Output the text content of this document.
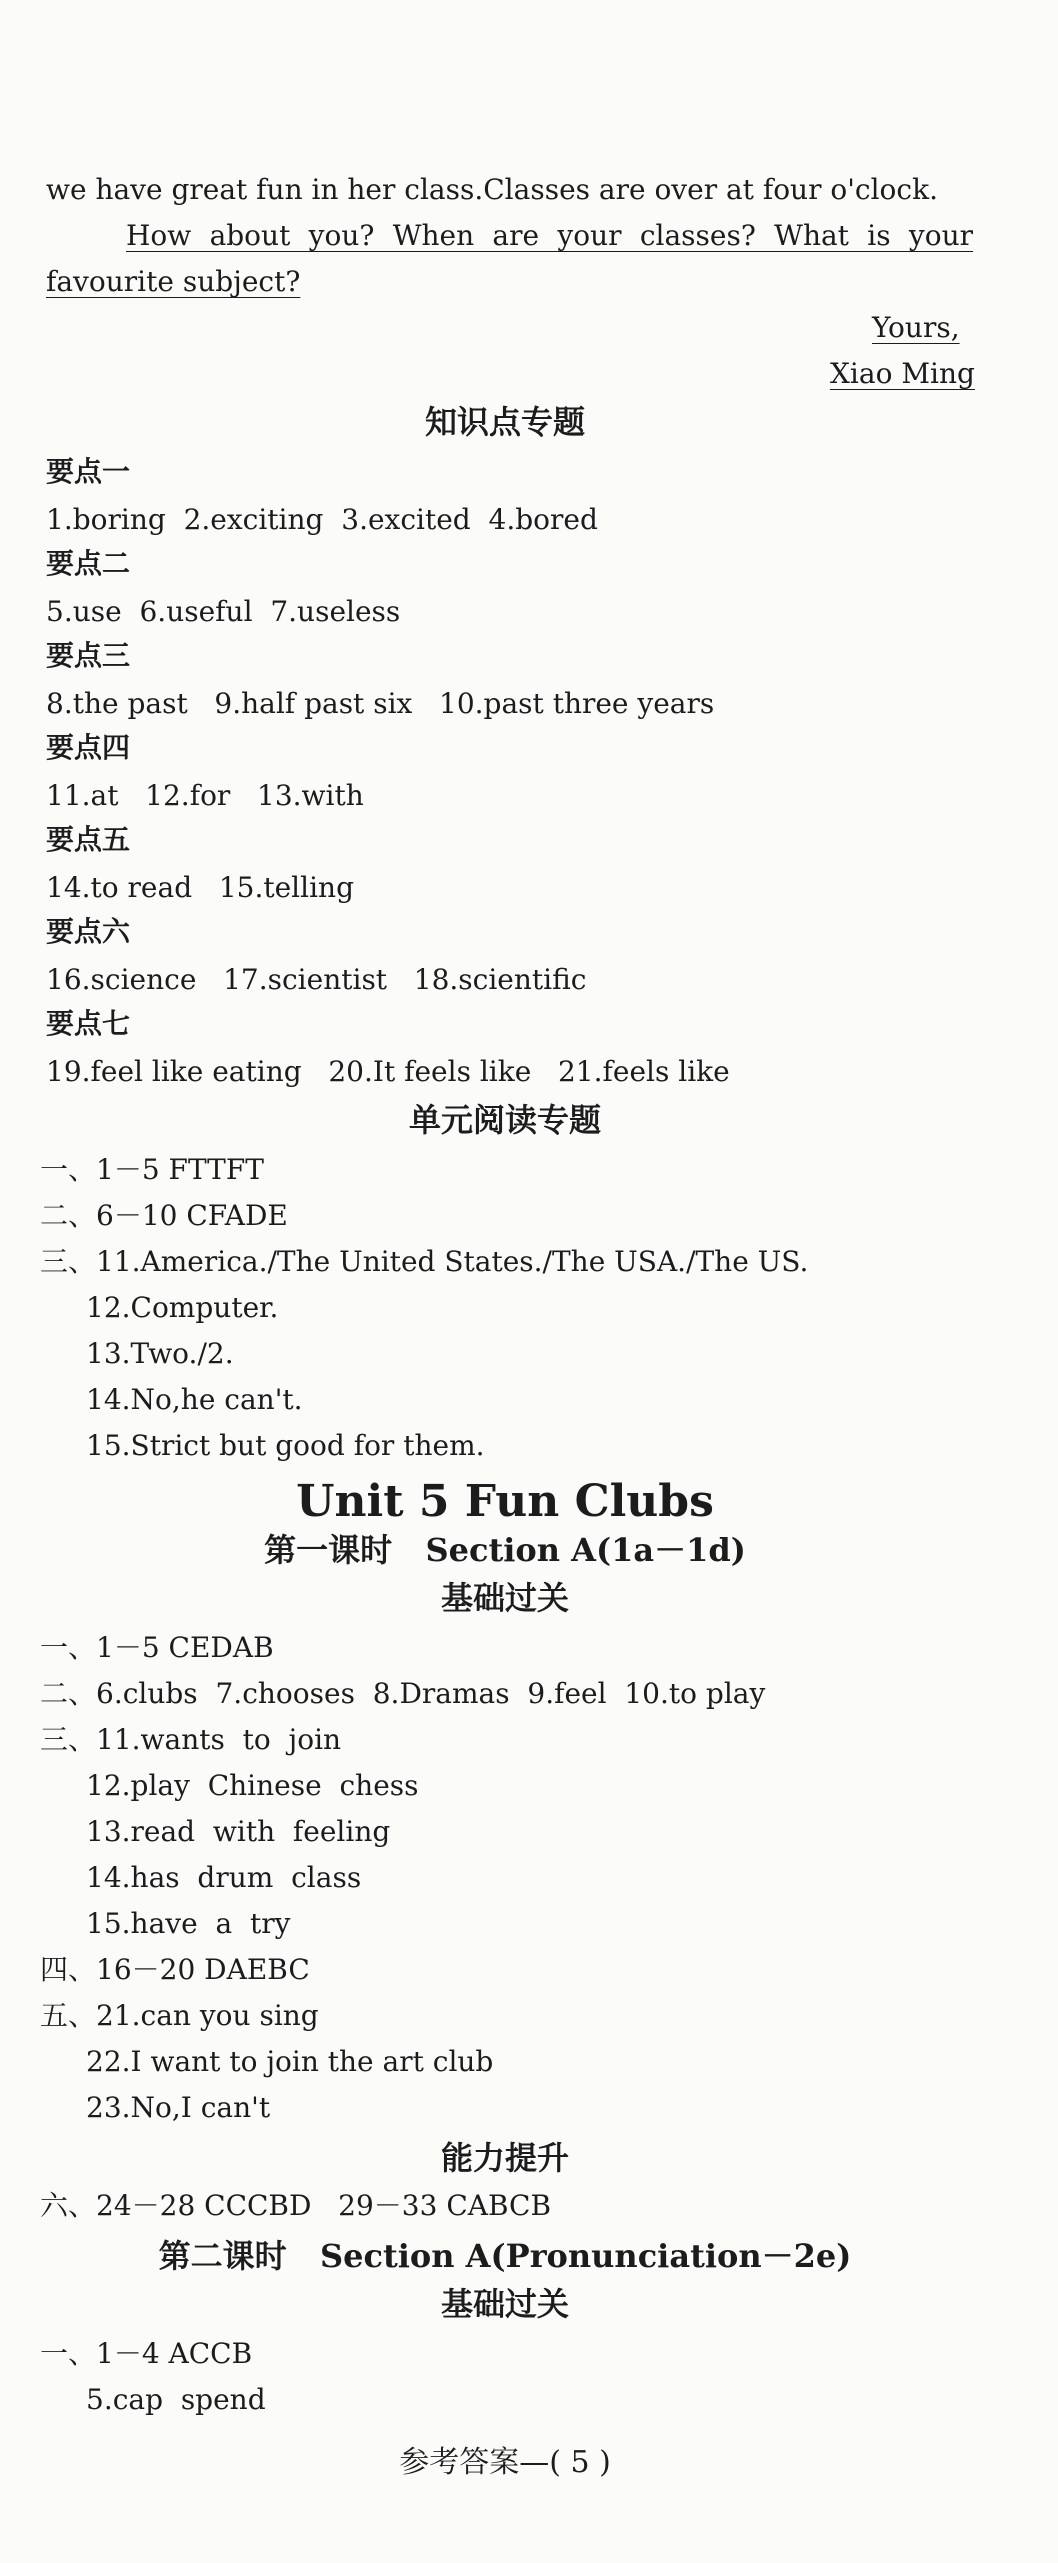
we have great fun in her class.Classes are over at four o'clock.
How about you? When are your classes? What is your
favourite subject?
Yours,
Xiao Ming
知识点专题
要点一
1.boring  2.exciting  3.excited  4.bored
要点二
5.use  6.useful  7.useless
要点三
8.the past   9.half past six   10.past three years
要点四
11.at   12.for   13.with
要点五
14.to read   15.telling
要点六
16.science   17.scientist   18.scientific
要点七
19.feel like eating   20.It feels like   21.feels like
单元阅读专题
一、1－5 FTTFT
二、6－10 CFADE
三、11.America./The United States./The USA./The US.
12.Computer.
13.Two./2.
14.No,he can't.
15.Strict but good for them.
Unit 5 Fun Clubs
第一课时   Section A(1a－1d)
基础过关
一、1－5 CEDAB
二、6.clubs  7.chooses  8.Dramas  9.feel  10.to play
三、11.wants  to  join
12.play  Chinese  chess
13.read  with  feeling
14.has  drum  class
15.have  a  try
四、16－20 DAEBC
五、21.can you sing
22.I want to join the art club
23.No,I can't
能力提升
六、24－28 CCCBD   29－33 CABCB
第二课时   Section A(Pronunciation－2e)
基础过关
一、1－4 ACCB
5.cap  spend
参考答案—( 5 )
